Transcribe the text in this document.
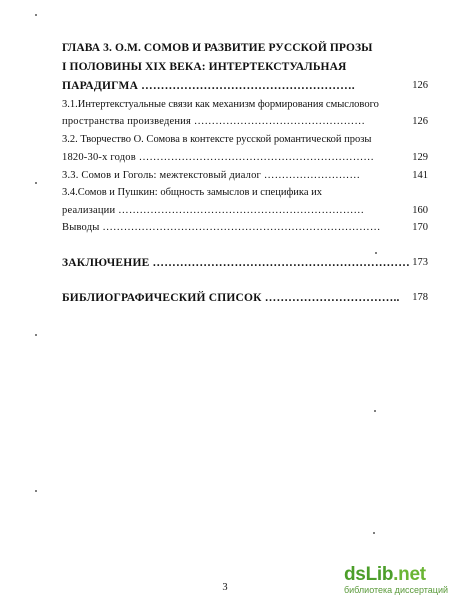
ГЛАВА 3. О.М. СОМОВ И РАЗВИТИЕ РУССКОЙ ПРОЗЫ
I ПОЛОВИНЫ XIX ВЕКА: ИНТЕРТЕКСТУАЛЬНАЯ
ПАРАДИГМА ……………………………………………….	126
3.1.Интертекстуальные связи как механизм формирования смыслового
пространства произведения …………………………………………	126
3.2. Творчество О. Сомова в контексте русской романтической прозы
1820-30-х годов …………………………………………………………	129
3.3. Сомов и Гоголь: межтекстовый диалог ………………………	141
3.4.Сомов и Пушкин: общность замыслов и специфика их
реализации ……………………………………………………………	160
Выводы ……………………………………………………………………	170
ЗАКЛЮЧЕНИЕ ………………………………………………………… 173
БИБЛИОГРАФИЧЕСКИЙ СПИСОК ……………………………..	178
3
dsLib.net
библиотека диссертаций
